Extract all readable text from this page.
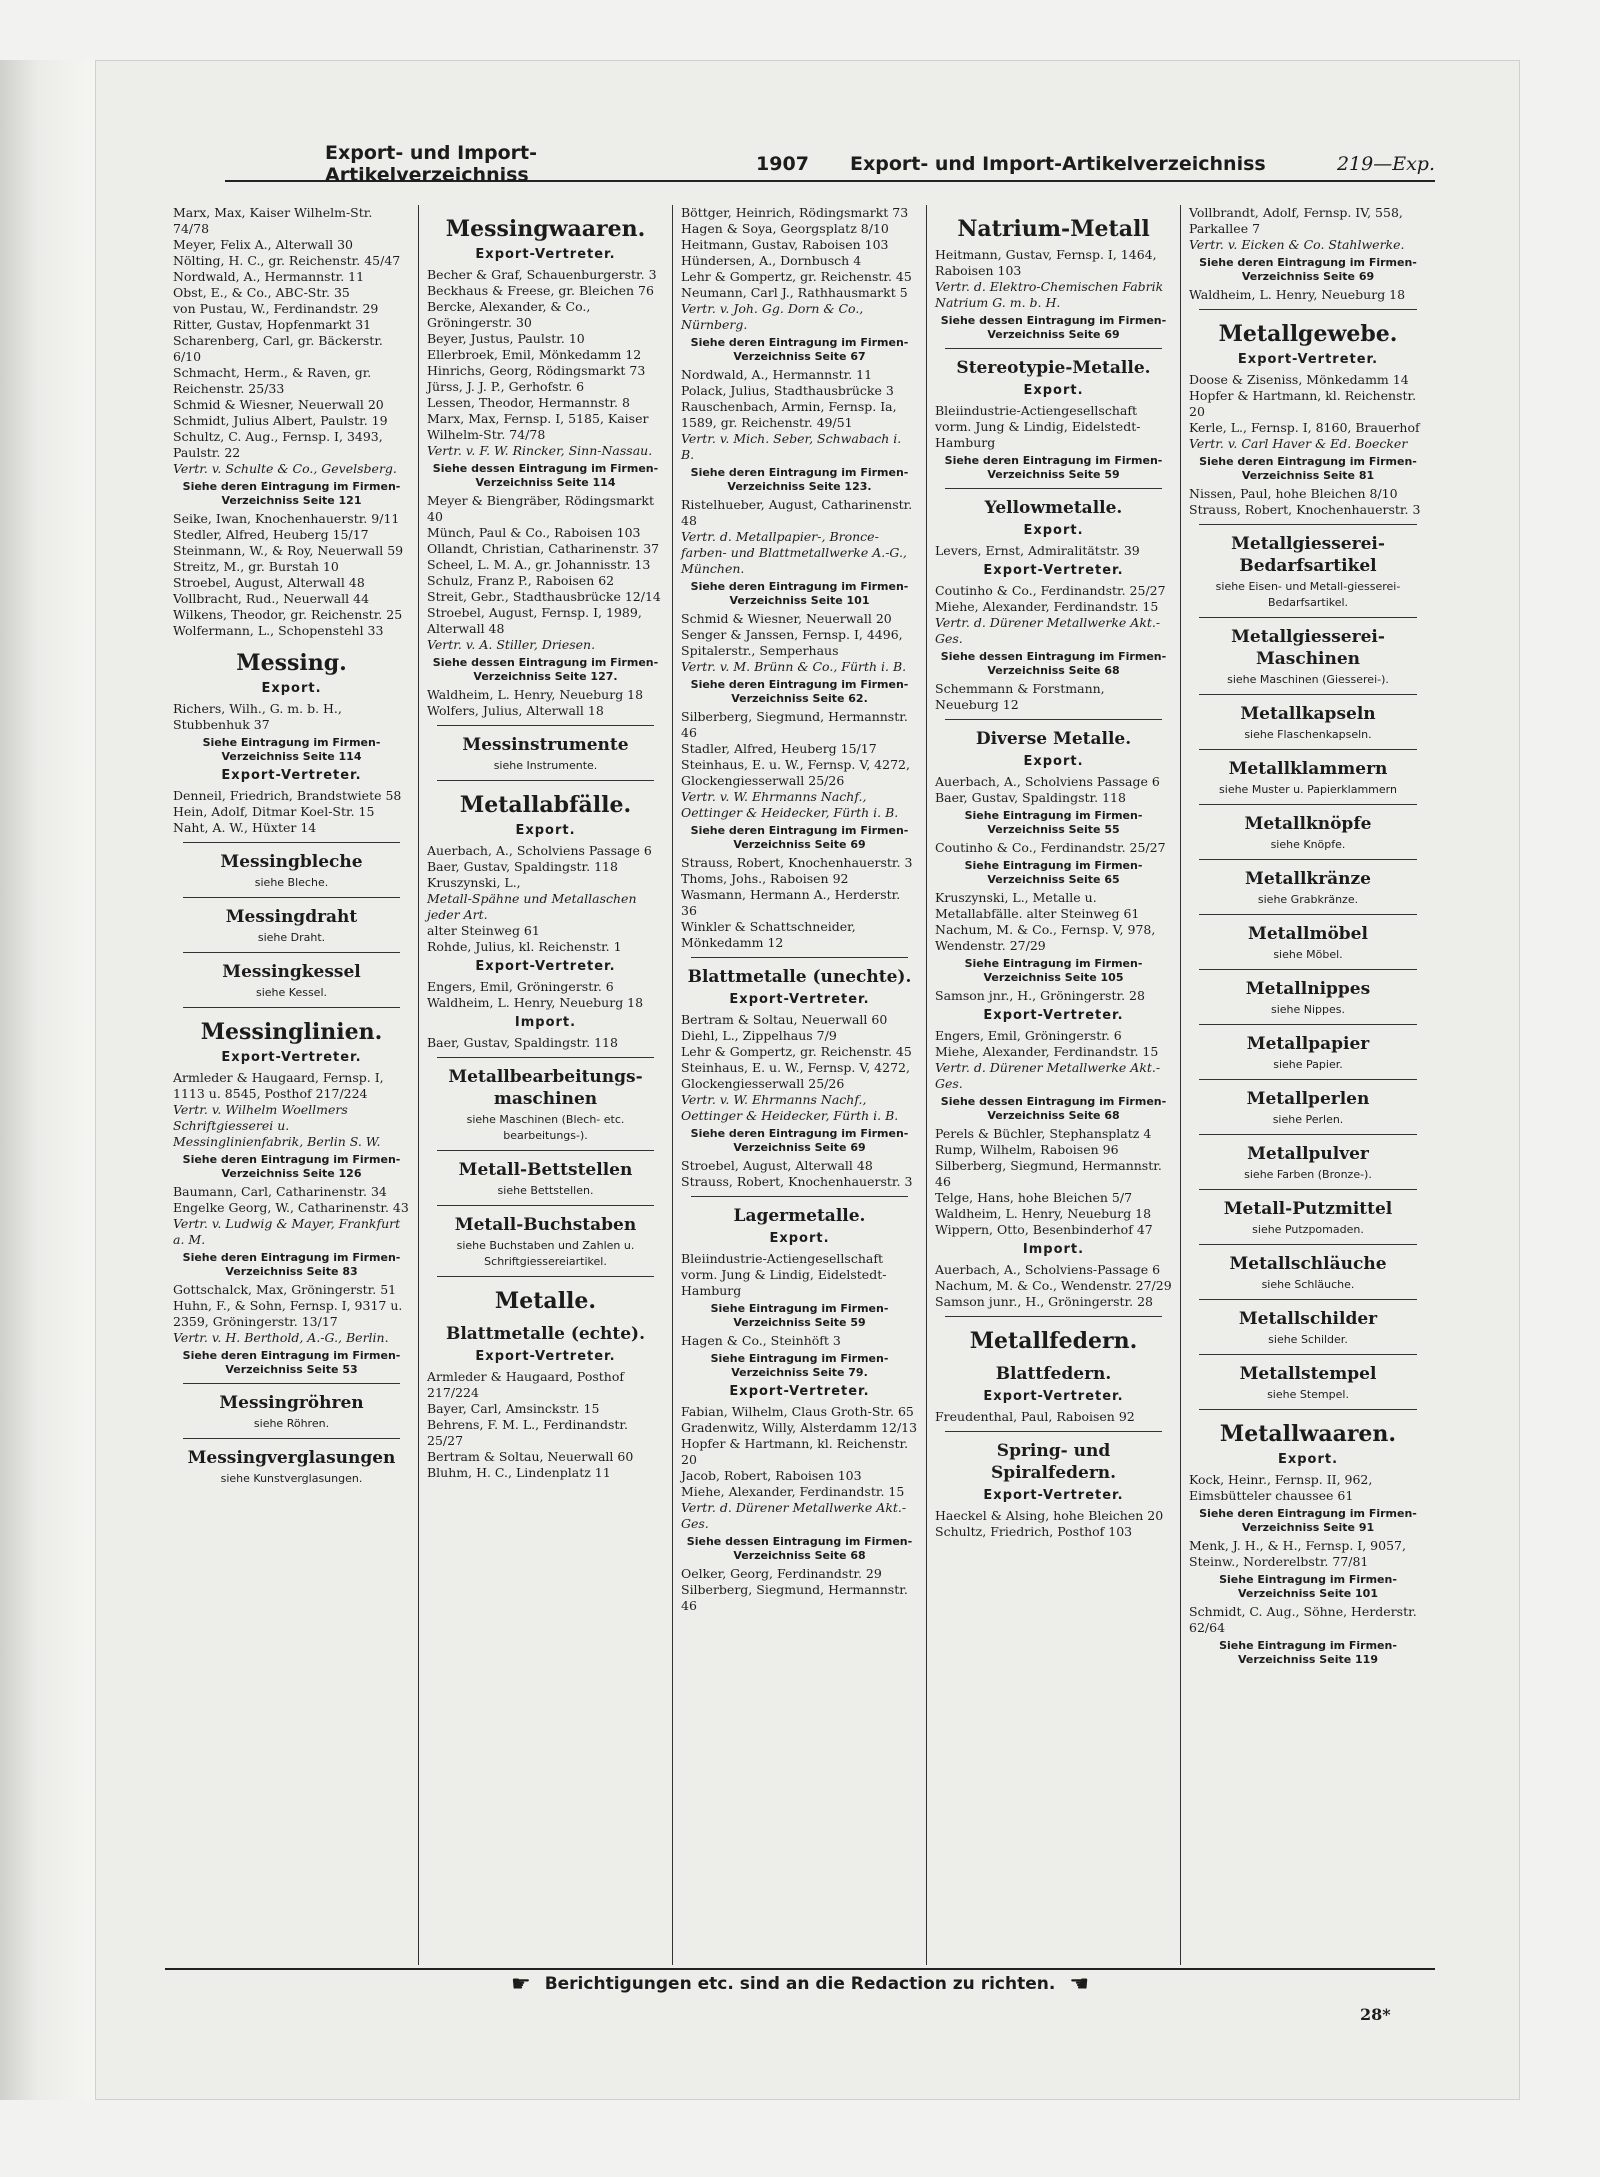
Export- und Import-Artikelverzeichniss	1907	Export- und Import-Artikelverzeichniss	219—Exp.

Marx, Max, Kaiser Wilhelm-Str. 74/78

Meyer, Felix A., Alterwall 30

Nölting, H. C., gr. Reichenstr. 45/47

Nordwald, A., Hermannstr. 11

Obst, E., & Co., ABC-Str. 35

von Pustau, W., Ferdinandstr. 29

Ritter, Gustav, Hopfenmarkt 31

Scharenberg, Carl, gr. Bäckerstr. 6/10

Schmacht, Herm., & Raven, gr. Reichenstr. 25/33

Schmid & Wiesner, Neuerwall 20

Schmidt, Julius Albert, Paulstr. 19

Schultz, C. Aug., Fernsp. I, 3493, Paulstr. 22

Vertr. v. Schulte & Co., Gevelsberg.

Siehe deren Eintragung im Firmen-Verzeichniss Seite 121

Seike, Iwan, Knochenhauerstr. 9/11

Stedler, Alfred, Heuberg 15/17

Steinmann, W., & Roy, Neuerwall 59

Streitz, M., gr. Burstah 10

Stroebel, August, Alterwall 48

Vollbracht, Rud., Neuerwall 44

Wilkens, Theodor, gr. Reichenstr. 25

Wolfermann, L., Schopenstehl 33

Messing.
Export.

Richers, Wilh., G. m. b. H., Stubbenhuk 37

Siehe Eintragung im Firmen-Verzeichniss Seite 114

Export-Vertreter.

Denneil, Friedrich, Brandstwiete 58

Hein, Adolf, Ditmar Koel-Str. 15

Naht, A. W., Hüxter 14

Messingbleche
siehe Bleche.
Messingdraht
siehe Draht.
Messingkessel
siehe Kessel.
Messinglinien.
Export-Vertreter.

Armleder & Haugaard, Fernsp. I, 1113 u. 8545, Posthof 217/224

Vertr. v. Wilhelm Woellmers Schriftgiesserei u. Messinglinienfabrik, Berlin S. W.

Siehe deren Eintragung im Firmen-Verzeichniss Seite 126

Baumann, Carl, Catharinenstr. 34

Engelke Georg, W., Catharinenstr. 43

Vertr. v. Ludwig & Mayer, Frankfurt a. M.

Siehe deren Eintragung im Firmen-Verzeichniss Seite 83

Gottschalck, Max, Gröningerstr. 51

Huhn, F., & Sohn, Fernsp. I, 9317 u. 2359, Gröningerstr. 13/17

Vertr. v. H. Berthold, A.-G., Berlin.

Siehe deren Eintragung im Firmen-Verzeichniss Seite 53

Messingröhren
siehe Röhren.
Messingverglasungen
siehe Kunstverglasungen.
Messingwaaren.
Export-Vertreter.

Becher & Graf, Schauenburgerstr. 3

Beckhaus & Freese, gr. Bleichen 76

Bercke, Alexander, & Co., Gröningerstr. 30

Beyer, Justus, Paulstr. 10

Ellerbroek, Emil, Mönkedamm 12

Hinrichs, Georg, Rödingsmarkt 73

Jürss, J. J. P., Gerhofstr. 6

Lessen, Theodor, Hermannstr. 8

Marx, Max, Fernsp. I, 5185, Kaiser Wilhelm-Str. 74/78

Vertr. v. F. W. Rincker, Sinn-Nassau.

Siehe dessen Eintragung im Firmen-Verzeichniss Seite 114

Meyer & Biengräber, Rödingsmarkt 40

Münch, Paul & Co., Raboisen 103

Ollandt, Christian, Catharinenstr. 37

Scheel, L. M. A., gr. Johannisstr. 13

Schulz, Franz P., Raboisen 62

Streit, Gebr., Stadthausbrücke 12/14

Stroebel, August, Fernsp. I, 1989, Alterwall 48

Vertr. v. A. Stiller, Driesen.

Siehe dessen Eintragung im Firmen-Verzeichniss Seite 127.

Waldheim, L. Henry, Neueburg 18

Wolfers, Julius, Alterwall 18

Messinstrumente
siehe Instrumente.
Metallabfälle.
Export.

Auerbach, A., Scholviens Passage 6

Baer, Gustav, Spaldingstr. 118

Kruszynski, L.,

Metall-Spähne und Metallaschen jeder Art.

alter Steinweg 61

Rohde, Julius, kl. Reichenstr. 1

Export-Vertreter.

Engers, Emil, Gröningerstr. 6

Waldheim, L. Henry, Neueburg 18

Import.

Baer, Gustav, Spaldingstr. 118

Metallbearbeitungs-maschinen
siehe Maschinen (Blech- etc. bearbeitungs-).
Metall-Bettstellen
siehe Bettstellen.
Metall-Buchstaben
siehe Buchstaben und Zahlen u. Schriftgiessereiartikel.
Metalle.
Blattmetalle (echte).
Export-Vertreter.

Armleder & Haugaard, Posthof 217/224

Bayer, Carl, Amsinckstr. 15

Behrens, F. M. L., Ferdinandstr. 25/27

Bertram & Soltau, Neuerwall 60

Bluhm, H. C., Lindenplatz 11

Böttger, Heinrich, Rödingsmarkt 73

Hagen & Soya, Georgsplatz 8/10

Heitmann, Gustav, Raboisen 103

Hündersen, A., Dornbusch 4

Lehr & Gompertz, gr. Reichenstr. 45

Neumann, Carl J., Rathhausmarkt 5

Vertr. v. Joh. Gg. Dorn & Co., Nürnberg.

Siehe deren Eintragung im Firmen-Verzeichniss Seite 67

Nordwald, A., Hermannstr. 11

Polack, Julius, Stadthausbrücke 3

Rauschenbach, Armin, Fernsp. Ia, 1589, gr. Reichenstr. 49/51

Vertr. v. Mich. Seber, Schwabach i. B.

Siehe deren Eintragung im Firmen-Verzeichniss Seite 123.

Ristelhueber, August, Catharinenstr. 48

Vertr. d. Metallpapier-, Bronce-farben- und Blattmetallwerke A.-G., München.

Siehe deren Eintragung im Firmen-Verzeichniss Seite 101

Schmid & Wiesner, Neuerwall 20

Senger & Janssen, Fernsp. I, 4496, Spitalerstr., Semperhaus

Vertr. v. M. Brünn & Co., Fürth i. B.

Siehe deren Eintragung im Firmen-Verzeichniss Seite 62.

Silberberg, Siegmund, Hermannstr. 46

Stadler, Alfred, Heuberg 15/17

Steinhaus, E. u. W., Fernsp. V, 4272, Glockengiesserwall 25/26

Vertr. v. W. Ehrmanns Nachf., Oettinger & Heidecker, Fürth i. B.

Siehe deren Eintragung im Firmen-Verzeichniss Seite 69

Strauss, Robert, Knochenhauerstr. 3

Thoms, Johs., Raboisen 92

Wasmann, Hermann A., Herderstr. 36

Winkler & Schattschneider, Mönkedamm 12

Blattmetalle (unechte).
Export-Vertreter.

Bertram & Soltau, Neuerwall 60

Diehl, L., Zippelhaus 7/9

Lehr & Gompertz, gr. Reichenstr. 45

Steinhaus, E. u. W., Fernsp. V, 4272, Glockengiesserwall 25/26

Vertr. v. W. Ehrmanns Nachf., Oettinger & Heidecker, Fürth i. B.

Siehe deren Eintragung im Firmen-Verzeichniss Seite 69

Stroebel, August, Alterwall 48

Strauss, Robert, Knochenhauerstr. 3

Lagermetalle.
Export.

Bleiindustrie-Actiengesellschaft vorm. Jung & Lindig, Eidelstedt-Hamburg

Siehe Eintragung im Firmen-Verzeichniss Seite 59

Hagen & Co., Steinhöft 3

Siehe Eintragung im Firmen-Verzeichniss Seite 79.

Export-Vertreter.

Fabian, Wilhelm, Claus Groth-Str. 65

Gradenwitz, Willy, Alsterdamm 12/13

Hopfer & Hartmann, kl. Reichenstr. 20

Jacob, Robert, Raboisen 103

Miehe, Alexander, Ferdinandstr. 15

Vertr. d. Dürener Metallwerke Akt.-Ges.

Siehe dessen Eintragung im Firmen-Verzeichniss Seite 68

Oelker, Georg, Ferdinandstr. 29

Silberberg, Siegmund, Hermannstr. 46

Natrium-Metall

Heitmann, Gustav, Fernsp. I, 1464, Raboisen 103

Vertr. d. Elektro-Chemischen Fabrik Natrium G. m. b. H.

Siehe dessen Eintragung im Firmen-Verzeichniss Seite 69

Stereotypie-Metalle.
Export.

Bleiindustrie-Actiengesellschaft vorm. Jung & Lindig, Eidelstedt-Hamburg

Siehe deren Eintragung im Firmen-Verzeichniss Seite 59

Yellowmetalle.
Export.

Levers, Ernst, Admiralitätstr. 39

Export-Vertreter.

Coutinho & Co., Ferdinandstr. 25/27

Miehe, Alexander, Ferdinandstr. 15

Vertr. d. Dürener Metallwerke Akt.-Ges.

Siehe dessen Eintragung im Firmen-Verzeichniss Seite 68

Schemmann & Forstmann, Neueburg 12

Diverse Metalle.
Export.

Auerbach, A., Scholviens Passage 6

Baer, Gustav, Spaldingstr. 118

Siehe Eintragung im Firmen-Verzeichniss Seite 55

Coutinho & Co., Ferdinandstr. 25/27

Siehe Eintragung im Firmen-Verzeichniss Seite 65

Kruszynski, L., Metalle u. Metallabfälle. alter Steinweg 61

Nachum, M. & Co., Fernsp. V, 978, Wendenstr. 27/29

Siehe Eintragung im Firmen-Verzeichniss Seite 105

Samson jnr., H., Gröningerstr. 28

Export-Vertreter.

Engers, Emil, Gröningerstr. 6

Miehe, Alexander, Ferdinandstr. 15

Vertr. d. Dürener Metallwerke Akt.-Ges.

Siehe dessen Eintragung im Firmen-Verzeichniss Seite 68

Perels & Büchler, Stephansplatz 4

Rump, Wilhelm, Raboisen 96

Silberberg, Siegmund, Hermannstr. 46

Telge, Hans, hohe Bleichen 5/7

Waldheim, L. Henry, Neueburg 18

Wippern, Otto, Besenbinderhof 47

Import.

Auerbach, A., Scholviens-Passage 6

Nachum, M. & Co., Wendenstr. 27/29

Samson junr., H., Gröningerstr. 28

Metallfedern.
Blattfedern.
Export-Vertreter.

Freudenthal, Paul, Raboisen 92

Spring- und Spiralfedern.
Export-Vertreter.

Haeckel & Alsing, hohe Bleichen 20

Schultz, Friedrich, Posthof 103

Vollbrandt, Adolf, Fernsp. IV, 558, Parkallee 7

Vertr. v. Eicken & Co. Stahlwerke.

Siehe deren Eintragung im Firmen-Verzeichniss Seite 69

Waldheim, L. Henry, Neueburg 18

Metallgewebe.
Export-Vertreter.

Doose & Ziseniss, Mönkedamm 14

Hopfer & Hartmann, kl. Reichenstr. 20

Kerle, L., Fernsp. I, 8160, Brauerhof

Vertr. v. Carl Haver & Ed. Boecker

Siehe deren Eintragung im Firmen-Verzeichniss Seite 81

Nissen, Paul, hohe Bleichen 8/10

Strauss, Robert, Knochenhauerstr. 3

Metallgiesserei-Bedarfsartikel
siehe Eisen- und Metall-giesserei-Bedarfsartikel.
Metallgiesserei-Maschinen
siehe Maschinen (Giesserei-).
Metallkapseln
siehe Flaschenkapseln.
Metallklammern
siehe Muster u. Papierklammern
Metallknöpfe
siehe Knöpfe.
Metallkränze
siehe Grabkränze.
Metallmöbel
siehe Möbel.
Metallnippes
siehe Nippes.
Metallpapier
siehe Papier.
Metallperlen
siehe Perlen.
Metallpulver
siehe Farben (Bronze-).
Metall-Putzmittel
siehe Putzpomaden.
Metallschläuche
siehe Schläuche.
Metallschilder
siehe Schilder.
Metallstempel
siehe Stempel.
Metallwaaren.
Export.

Kock, Heinr., Fernsp. II, 962, Eimsbütteler chaussee 61

Siehe deren Eintragung im Firmen-Verzeichniss Seite 91

Menk, J. H., & H., Fernsp. I, 9057, Steinw., Norderelbstr. 77/81

Siehe Eintragung im Firmen-Verzeichniss Seite 101

Schmidt, C. Aug., Söhne, Herderstr. 62/64

Siehe Eintragung im Firmen-Verzeichniss Seite 119

☛ Berichtigungen etc. sind an die Redaction zu richten. ☚
28*
